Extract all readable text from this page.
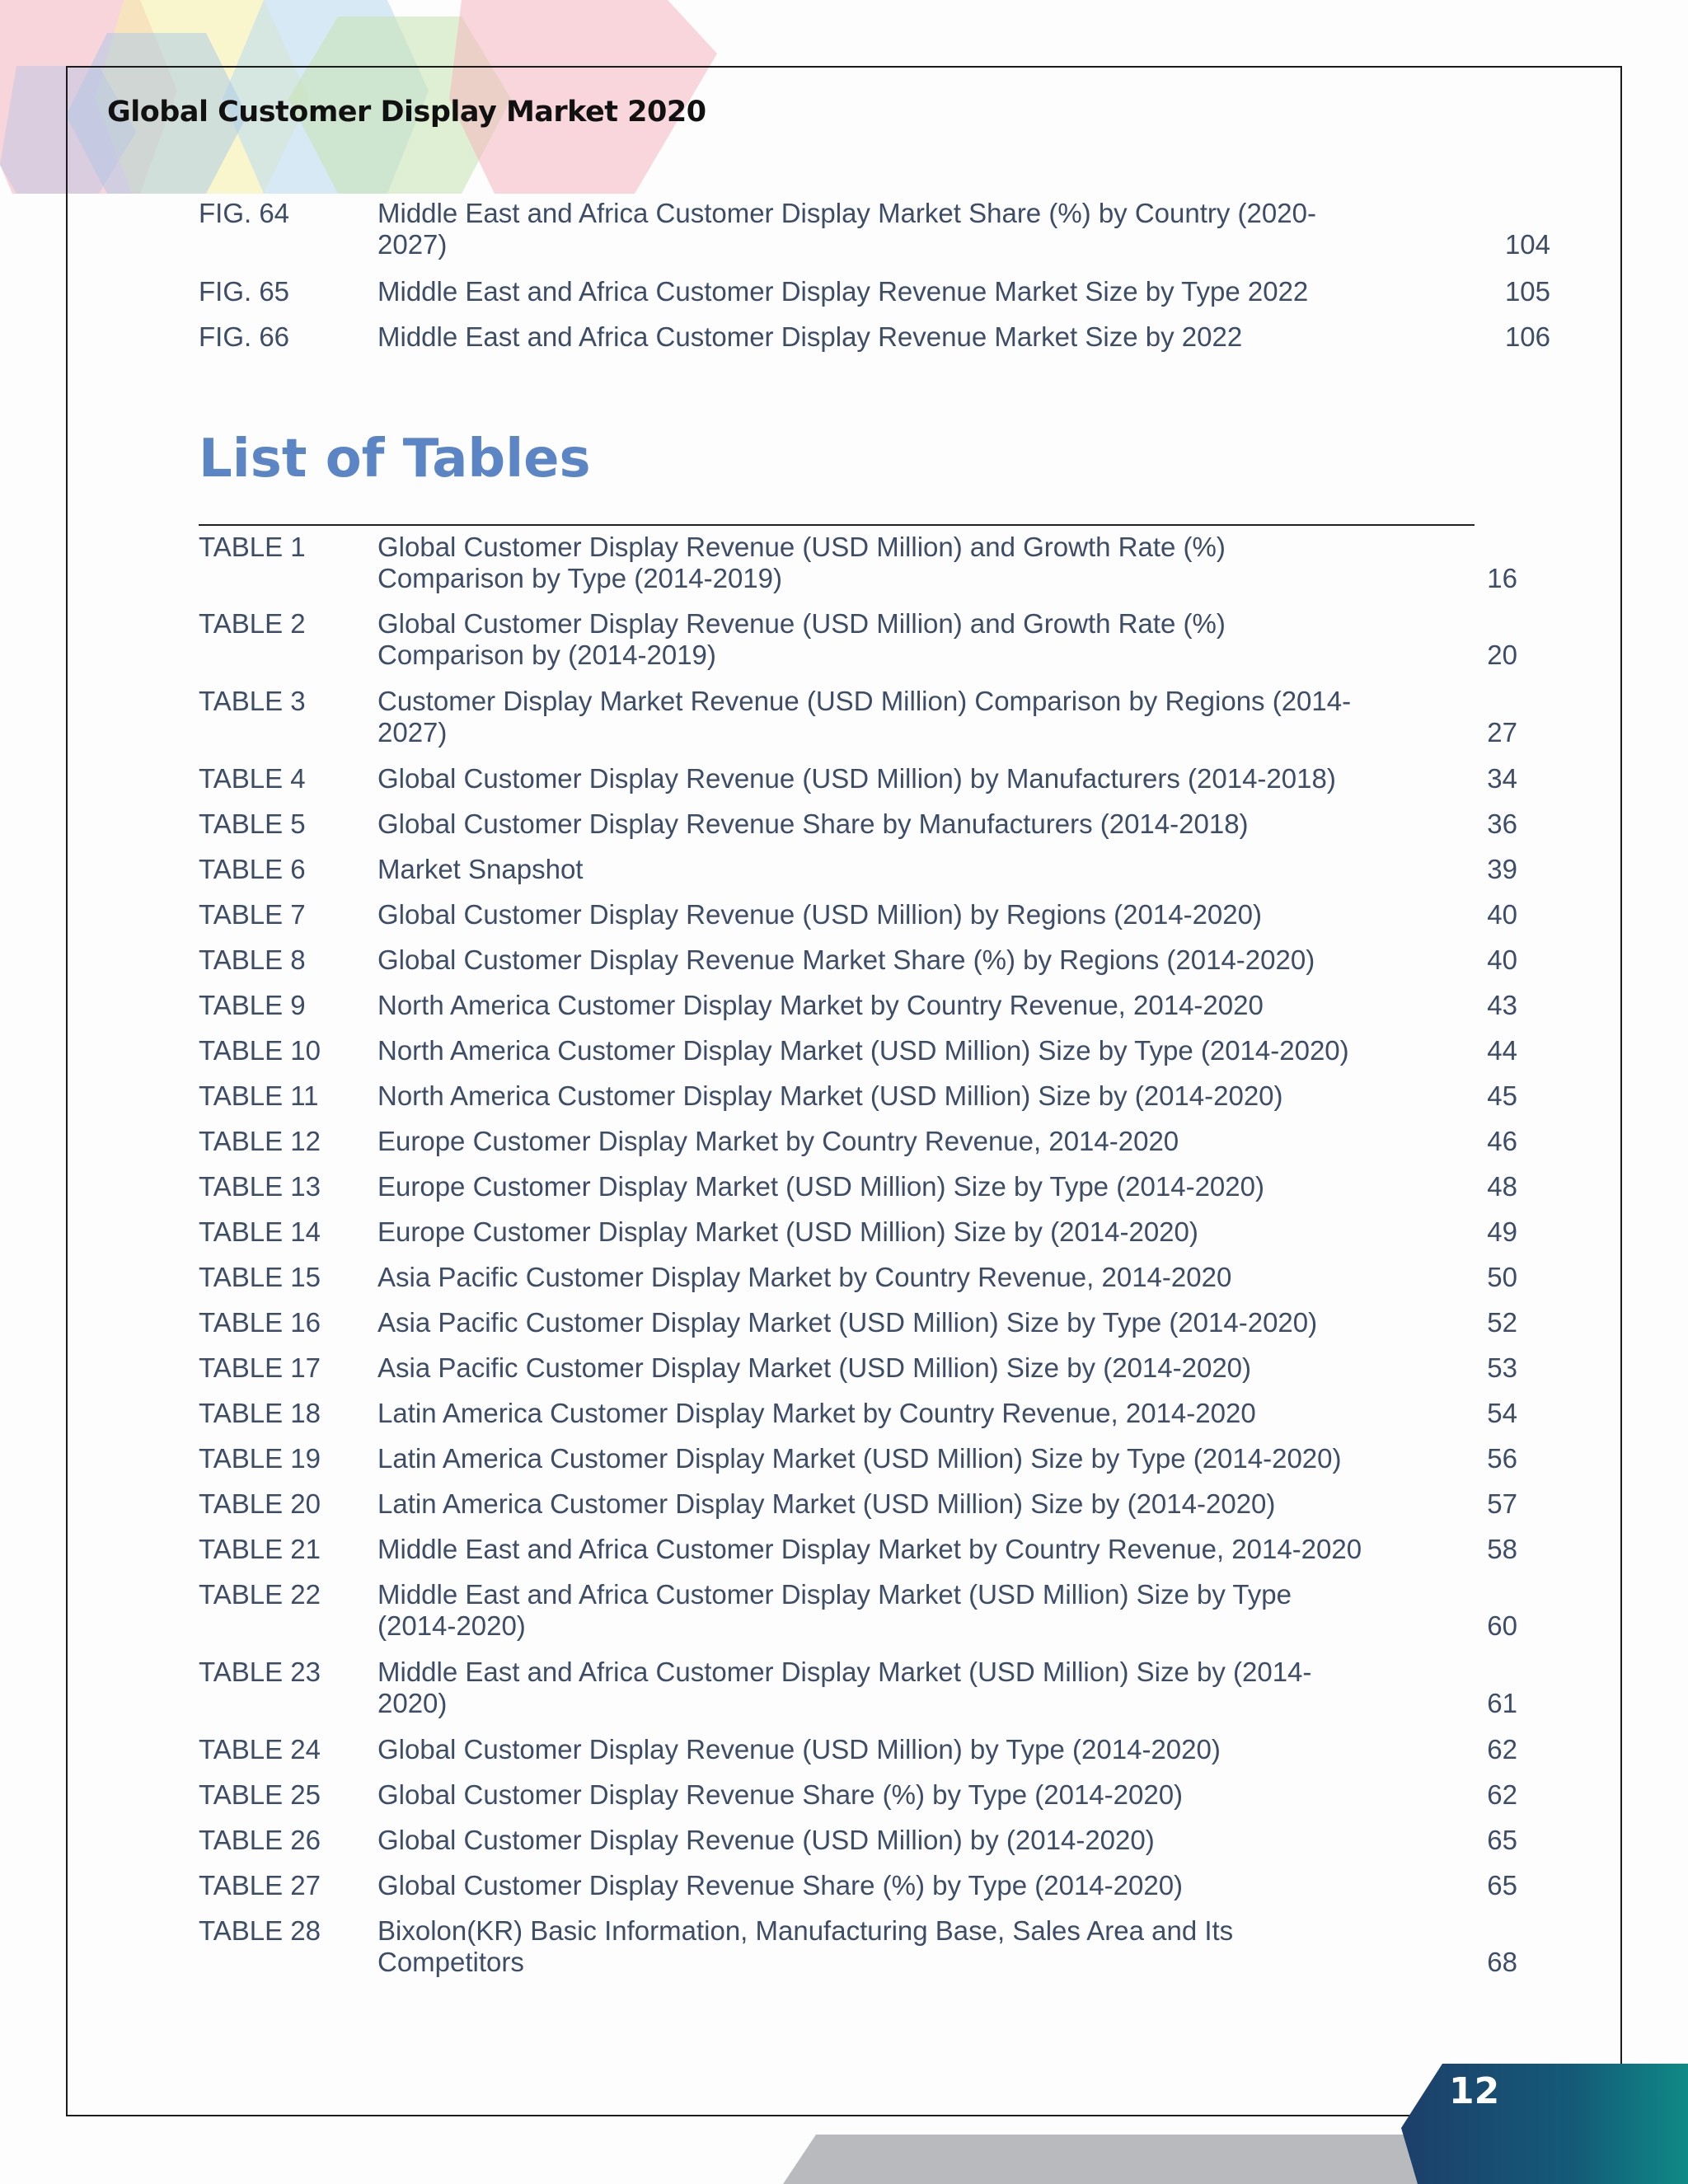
Global Customer Display Market 2020
FIG. 64	Middle East and Africa Customer Display Market Share (%) by Country (2020-
2027)	104
FIG. 65	Middle East and Africa Customer Display Revenue Market Size by Type 2022	105
FIG. 66	Middle East and Africa Customer Display Revenue Market Size by 2022	106
List of Tables
TABLE 1	Global Customer Display Revenue (USD Million) and Growth Rate (%)
Comparison by Type (2014-2019)	16
TABLE 2	Global Customer Display Revenue (USD Million) and Growth Rate (%)
Comparison by (2014-2019)	20
TABLE 3	Customer Display Market Revenue (USD Million) Comparison by Regions (2014-
2027)	27
TABLE 4	Global Customer Display Revenue (USD Million) by Manufacturers (2014-2018)	34
TABLE 5	Global Customer Display Revenue Share by Manufacturers (2014-2018)	36
TABLE 6	Market Snapshot	39
TABLE 7	Global Customer Display Revenue (USD Million) by Regions (2014-2020)	40
TABLE 8	Global Customer Display Revenue Market Share (%) by Regions (2014-2020)	40
TABLE 9	North America Customer Display Market by Country Revenue, 2014-2020	43
TABLE 10 North America Customer Display Market (USD Million) Size by Type (2014-2020)	44
TABLE 11 North America Customer Display Market (USD Million) Size by (2014-2020)	45
TABLE 12 Europe Customer Display Market by Country Revenue, 2014-2020	46
TABLE 13 Europe Customer Display Market (USD Million) Size by Type (2014-2020)	48
TABLE 14 Europe Customer Display Market (USD Million) Size by (2014-2020)	49
TABLE 15 Asia Pacific Customer Display Market by Country Revenue, 2014-2020	50
TABLE 16 Asia Pacific Customer Display Market (USD Million) Size by Type (2014-2020)	52
TABLE 17 Asia Pacific Customer Display Market (USD Million) Size by (2014-2020)	53
TABLE 18 Latin America Customer Display Market by Country Revenue, 2014-2020	54
TABLE 19 Latin America Customer Display Market (USD Million) Size by Type (2014-2020)	56
TABLE 20 Latin America Customer Display Market (USD Million) Size by (2014-2020)	57
TABLE 21 Middle East and Africa Customer Display Market by Country Revenue, 2014-2020	58
TABLE 22 Middle East and Africa Customer Display Market (USD Million) Size by Type
(2014-2020)	60
TABLE 23 Middle East and Africa Customer Display Market (USD Million) Size by (2014-
2020)	61
TABLE 24 Global Customer Display Revenue (USD Million) by Type (2014-2020)	62
TABLE 25 Global Customer Display Revenue Share (%) by Type (2014-2020)	62
TABLE 26 Global Customer Display Revenue (USD Million) by (2014-2020)	65
TABLE 27 Global Customer Display Revenue Share (%) by Type (2014-2020)	65
TABLE 28 Bixolon(KR) Basic Information, Manufacturing Base, Sales Area and Its
Competitors	68
12
